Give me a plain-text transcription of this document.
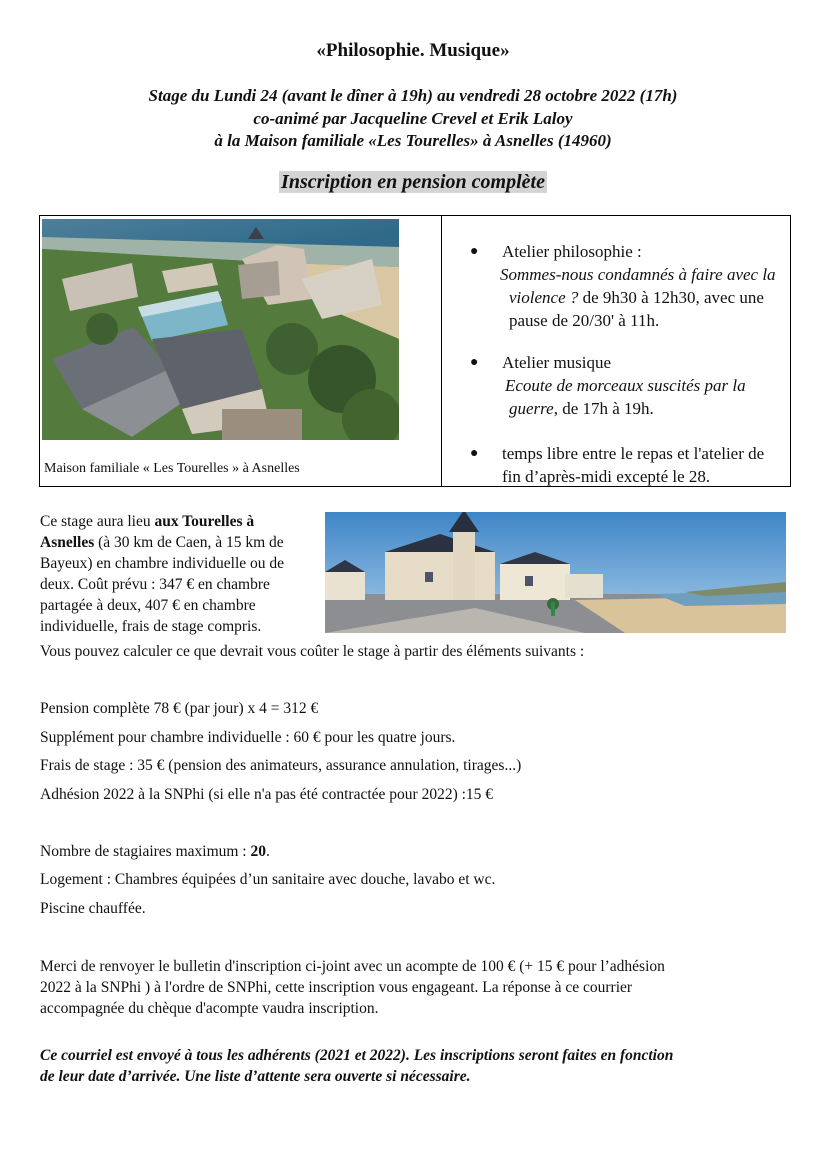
«Philosophie. Musique»
Stage du Lundi 24 (avant le dîner à 19h) au vendredi 28 octobre 2022 (17h)
co-animé par Jacqueline Crevel et Erik Laloy
à la Maison familiale «Les Tourelles» à Asnelles (14960)
Inscription en pension complète
Maison familiale « Les Tourelles » à Asnelles
● Atelier philosophie :
Sommes-nous condamnés à faire avec la
violence ? de 9h30 à 12h30, avec une
pause de 20/30' à 11h.
● Atelier musique
Ecoute de morceaux suscités par la
guerre, de 17h à 19h.
● temps libre entre le repas et l'atelier de
fin d’après-midi excepté le 28.
Ce stage aura lieu aux Tourelles à
Asnelles (à 30 km de Caen, à 15 km de
Bayeux) en chambre individuelle ou de
deux. Coût prévu : 347 € en chambre
partagée à deux, 407 € en chambre
individuelle, frais de stage compris.
Vous pouvez calculer ce que devrait vous coûter le stage à partir des éléments suivants :
Pension complète 78 € (par jour) x 4 = 312 €
Supplément pour chambre individuelle : 60 € pour les quatre jours.
Frais de stage : 35 € (pension des animateurs, assurance annulation, tirages...)
Adhésion 2022 à la SNPhi (si elle n'a pas été contractée pour 2022) :15 €
Nombre de stagiaires maximum : 20.
Logement : Chambres équipées d’un sanitaire avec douche, lavabo et wc.
Piscine chauffée.
Merci de renvoyer le bulletin d'inscription ci-joint avec un acompte de 100 € (+ 15 € pour l’adhésion
2022 à la SNPhi ) à l'ordre de SNPhi, cette inscription vous engageant. La réponse à ce courrier
accompagnée du chèque d'acompte vaudra inscription.
Ce courriel est envoyé à tous les adhérents (2021 et 2022). Les inscriptions seront faites en fonction
de leur date d’arrivée. Une liste d’attente sera ouverte si nécessaire.
